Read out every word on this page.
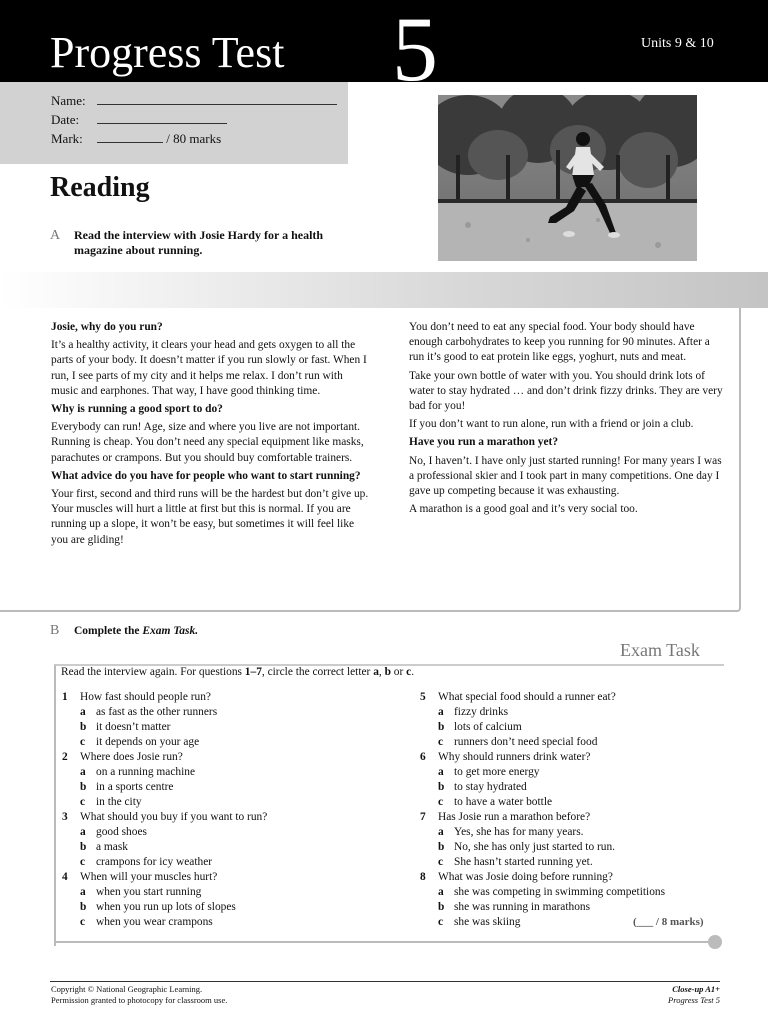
Progress Test 5	Units 9 & 10
Name:
Date:
Mark:	/ 80 marks
Reading
A Read the interview with Josie Hardy for a health magazine about running.

Josie, why do you run?

It’s a healthy activity, it clears your head and gets oxygen to all the parts of your body. It doesn’t matter if you run slowly or fast. When I run, I see parts of my city and it helps me relax. I don’t run with music and earphones. That way, I have good thinking time.

Why is running a good sport to do?

Everybody can run! Age, size and where you live are not important. Running is cheap. You don’t need any special equipment like masks, parachutes or crampons. But you should buy comfortable trainers.

What advice do you have for people who want to start running?

Your first, second and third runs will be the hardest but don’t give up. Your muscles will hurt a little at first but this is normal. If you are running up a slope, it won’t be easy, but sometimes it will feel like you are gliding!

You don’t need to eat any special food. Your body should have enough carbohydrates to keep you running for 90 minutes. After a run it’s good to eat protein like eggs, yoghurt, nuts and meat.

Take your own bottle of water with you. You should drink lots of water to stay hydrated … and don’t drink fizzy drinks. They are very bad for you!

If you don’t want to run alone, run with a friend or join a club.

Have you run a marathon yet?

No, I haven’t. I have only just started running! For many years I was a professional skier and I took part in many competitions. One day I gave up competing because it was exhausting.

A marathon is a good goal and it’s very social too.

B Complete the Exam Task.
Exam Task
Read the interview again. For questions 1–7, circle the correct letter a, b or c.
1 How fast should people run?
a as fast as the other runners
b it doesn’t matter
c it depends on your age
2 Where does Josie run?
a on a running machine
b in a sports centre
c in the city
3 What should you buy if you want to run?
a good shoes
b a mask
c crampons for icy weather
4 When will your muscles hurt?
a when you start running
b when you run up lots of slopes
c when you wear crampons
5 What special food should a runner eat?
a fizzy drinks
b lots of calcium
c runners don’t need special food
6 Why should runners drink water?
a to get more energy
b to stay hydrated
c to have a water bottle
7 Has Josie run a marathon before?
a Yes, she has for many years.
b No, she has only just started to run.
c She hasn’t started running yet.
8 What was Josie doing before running?
a she was competing in swimming competitions
b she was running in marathons
c she was skiing	(___ / 8 marks)
Copyright © National Geographic Learning.
Permission granted to photocopy for classroom use.
Close-up A1+
Progress Test 5
